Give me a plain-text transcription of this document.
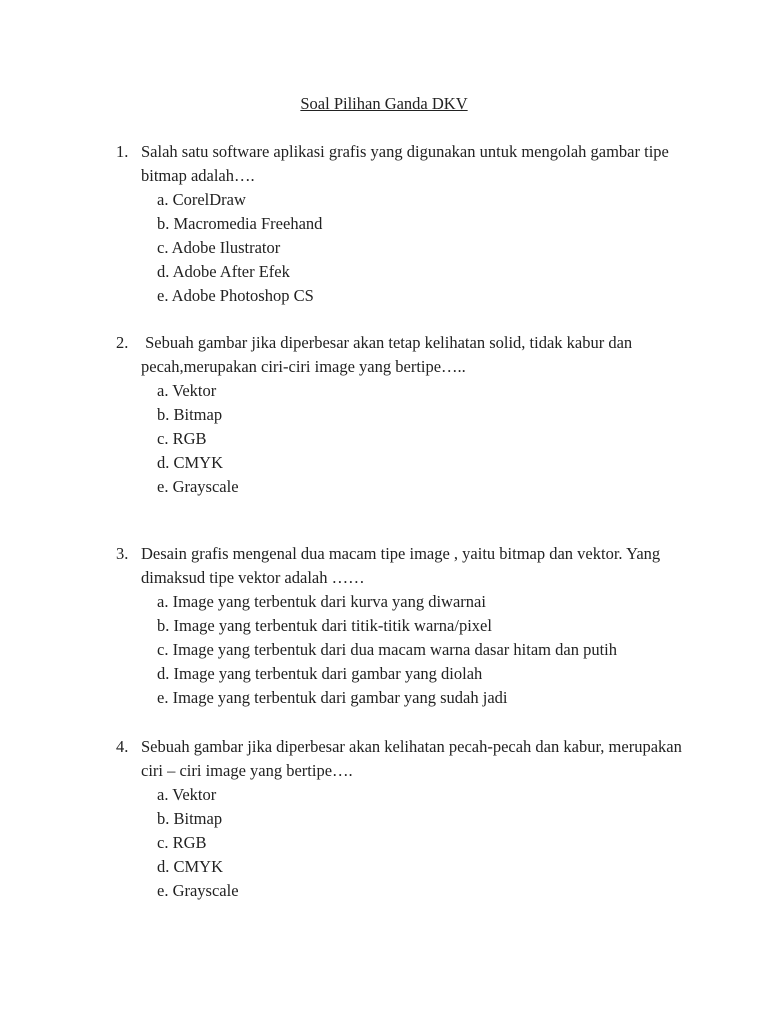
Soal Pilihan Ganda DKV
1. Salah satu software aplikasi grafis yang digunakan untuk mengolah gambar tipe bitmap adalah….
a. CorelDraw
b. Macromedia Freehand
c. Adobe Ilustrator
d. Adobe After Efek
e. Adobe Photoshop CS
2. Sebuah gambar jika diperbesar akan tetap kelihatan solid, tidak kabur dan pecah,merupakan ciri-ciri image yang bertipe…..
a. Vektor
b. Bitmap
c. RGB
d. CMYK
e. Grayscale
3. Desain grafis mengenal dua macam tipe image , yaitu bitmap dan vektor. Yang dimaksud tipe vektor adalah ……
a. Image yang terbentuk dari kurva yang diwarnai
b. Image yang terbentuk dari titik-titik warna/pixel
c. Image yang terbentuk dari dua macam warna dasar hitam dan putih
d. Image yang terbentuk dari gambar yang diolah
e. Image yang terbentuk dari gambar yang sudah jadi
4. Sebuah gambar jika diperbesar akan kelihatan pecah-pecah dan kabur, merupakan ciri – ciri image yang bertipe….
a. Vektor
b. Bitmap
c. RGB
d. CMYK
e. Grayscale
